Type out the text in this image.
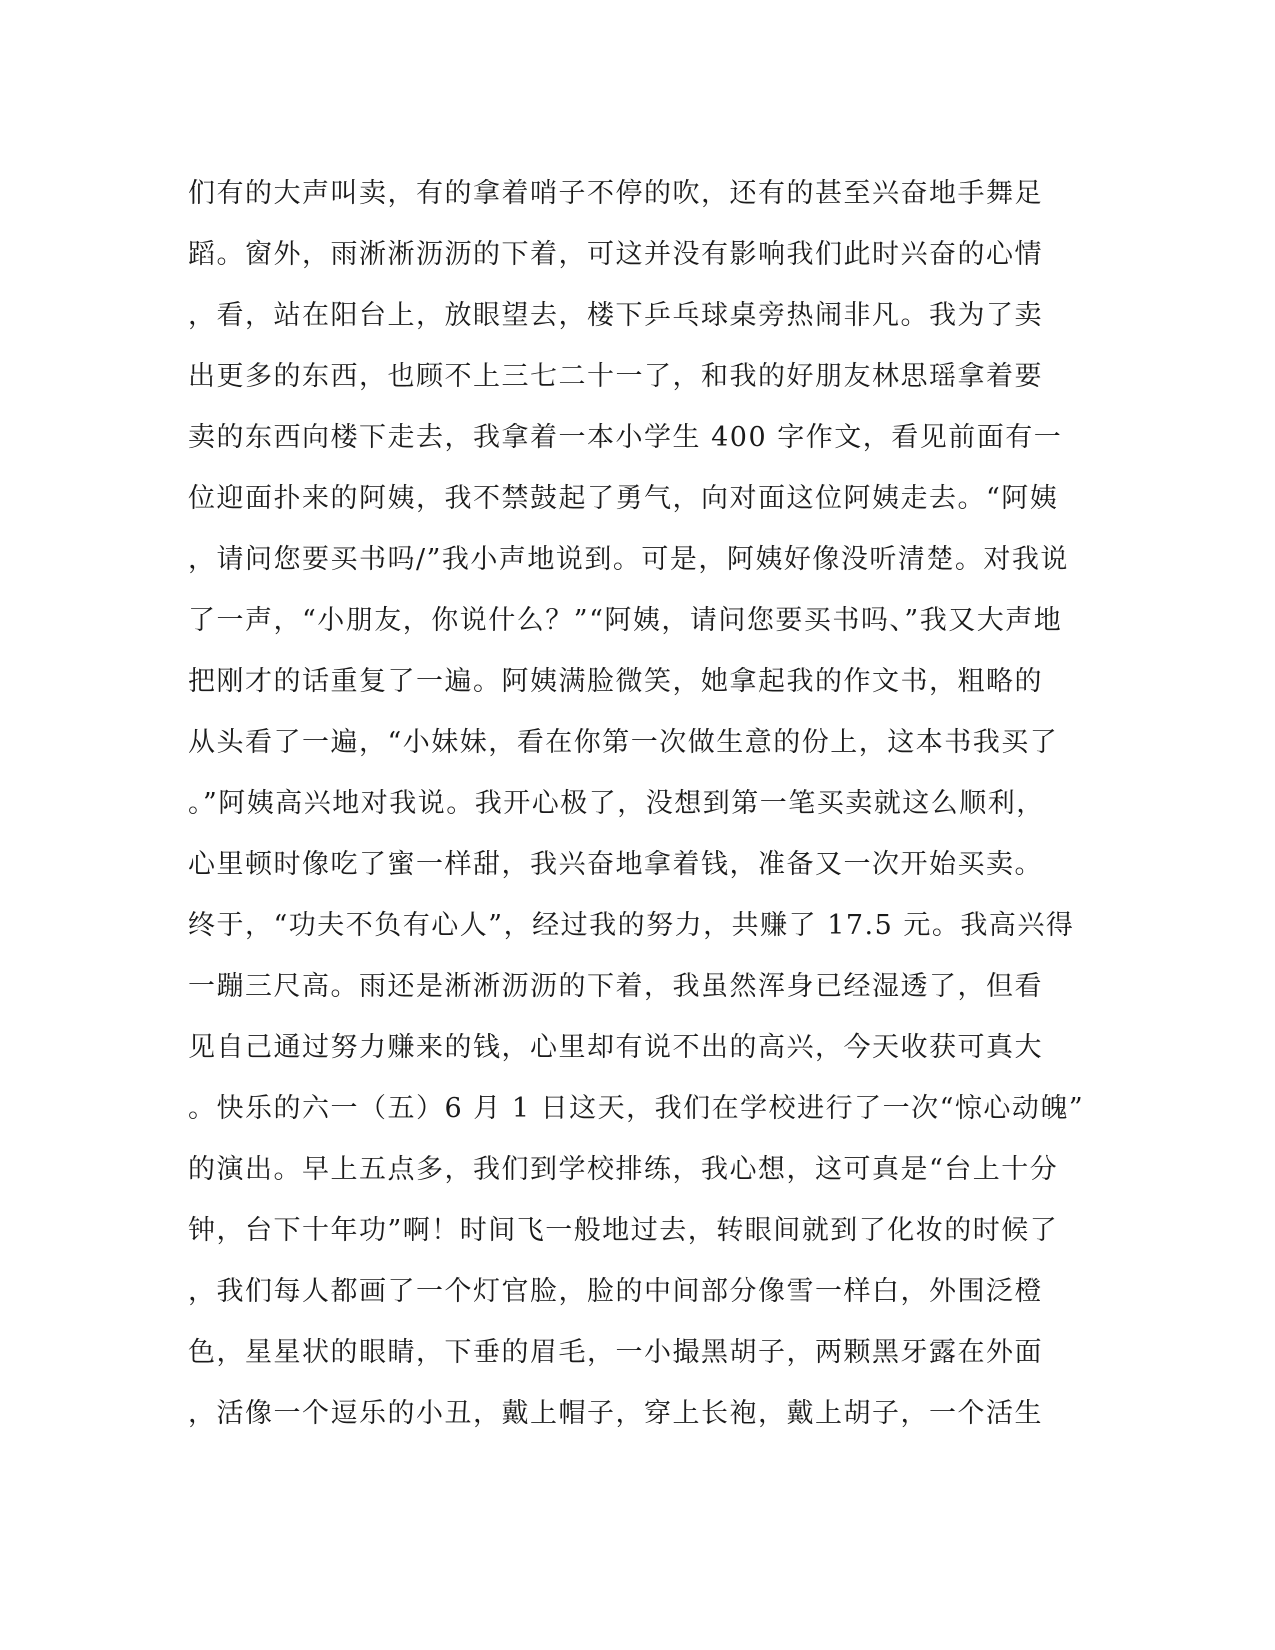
们有的大声叫卖，有的拿着哨子不停的吹，还有的甚至兴奋地手舞足
蹈。窗外，雨淅淅沥沥的下着，可这并没有影响我们此时兴奋的心情
，看，站在阳台上，放眼望去，楼下乒乓球桌旁热闹非凡。我为了卖
出更多的东西，也顾不上三七二十一了，和我的好朋友林思瑶拿着要
卖的东西向楼下走去，我拿着一本小学生 400 字作文，看见前面有一
位迎面扑来的阿姨，我不禁鼓起了勇气，向对面这位阿姨走去。“阿姨
，请问您要买书吗/”我小声地说到。可是，阿姨好像没听清楚。对我说
了一声，“小朋友，你说什么？”“阿姨，请问您要买书吗、”我又大声地
把刚才的话重复了一遍。阿姨满脸微笑，她拿起我的作文书，粗略的
从头看了一遍，“小妹妹，看在你第一次做生意的份上，这本书我买了
。”阿姨高兴地对我说。我开心极了，没想到第一笔买卖就这么顺利，
心里顿时像吃了蜜一样甜，我兴奋地拿着钱，准备又一次开始买卖。
终于，“功夫不负有心人”，经过我的努力，共赚了 17.5 元。我高兴得
一蹦三尺高。雨还是淅淅沥沥的下着，我虽然浑身已经湿透了，但看
见自己通过努力赚来的钱，心里却有说不出的高兴，今天收获可真大
。快乐的六一（五）6 月 1 日这天，我们在学校进行了一次“惊心动魄”
的演出。早上五点多，我们到学校排练，我心想，这可真是“台上十分
钟，台下十年功”啊！时间飞一般地过去，转眼间就到了化妆的时候了
，我们每人都画了一个灯官脸，脸的中间部分像雪一样白，外围泛橙
色，星星状的眼睛，下垂的眉毛，一小撮黑胡子，两颗黑牙露在外面
，活像一个逗乐的小丑，戴上帽子，穿上长袍，戴上胡子，一个活生
